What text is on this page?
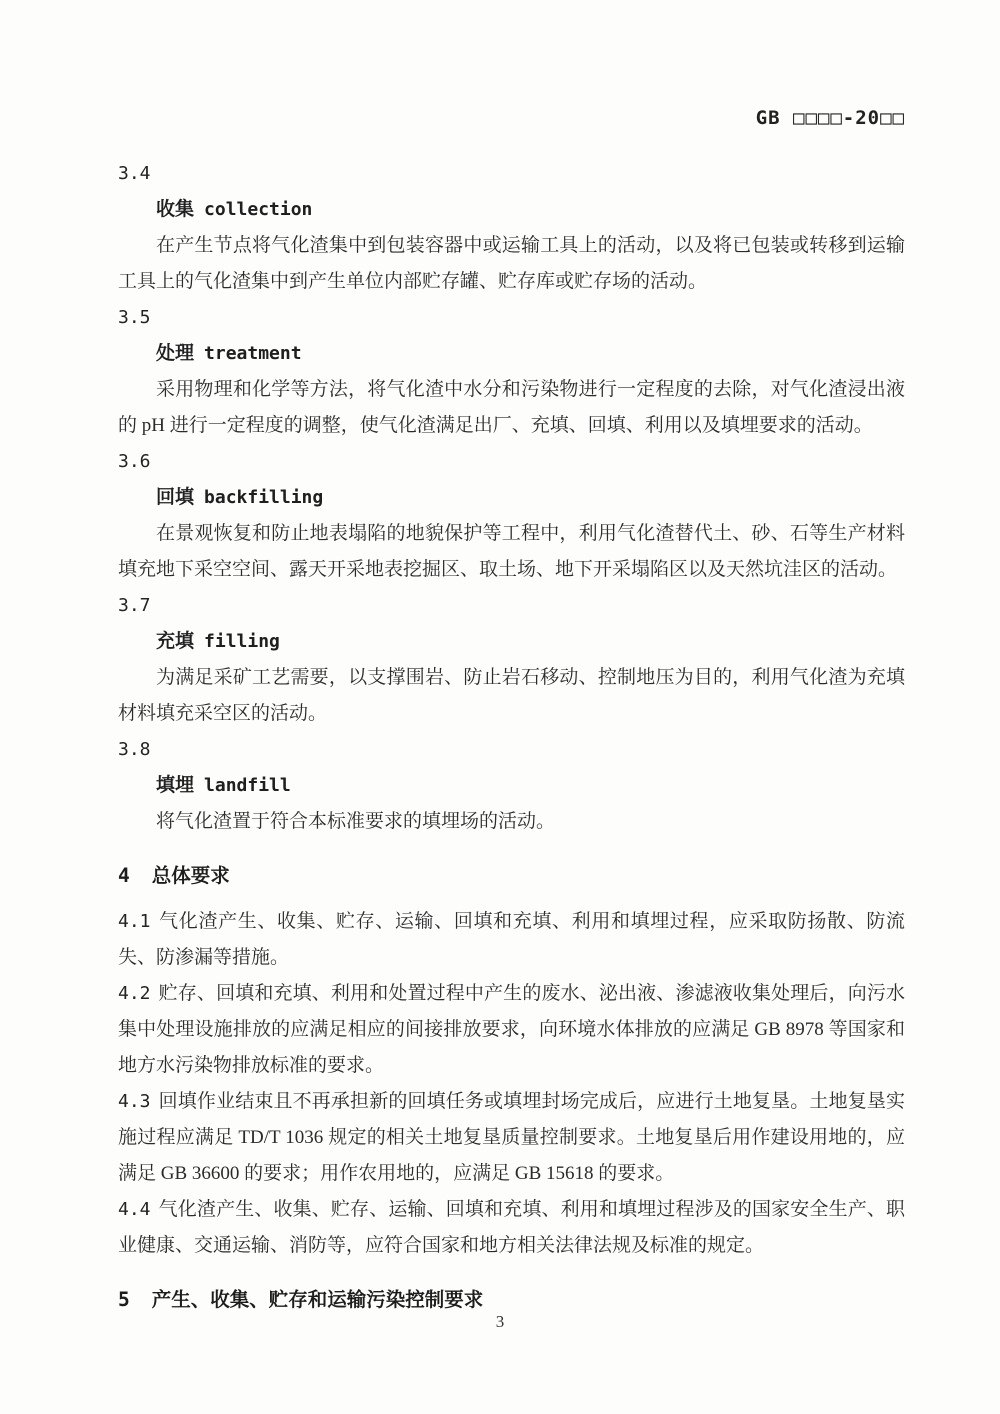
GB □□□□-20□□
3.4
收集 collection

在产生节点将气化渣集中到包装容器中或运输工具上的活动，以及将已包装或转移到运输工具上的气化渣集中到产生单位内部贮存罐、贮存库或贮存场的活动。

3.5
处理 treatment

采用物理和化学等方法，将气化渣中水分和污染物进行一定程度的去除，对气化渣浸出液的 pH 进行一定程度的调整，使气化渣满足出厂、充填、回填、利用以及填埋要求的活动。

3.6
回填 backfilling

在景观恢复和防止地表塌陷的地貌保护等工程中，利用气化渣替代土、砂、石等生产材料填充地下采空空间、露天开采地表挖掘区、取土场、地下开采塌陷区以及天然坑洼区的活动。

3.7
充填 filling

为满足采矿工艺需要，以支撑围岩、防止岩石移动、控制地压为目的，利用气化渣为充填材料填充采空区的活动。

3.8
填埋 landfill

将气化渣置于符合本标准要求的填埋场的活动。

4 总体要求

4.1 气化渣产生、收集、贮存、运输、回填和充填、利用和填埋过程，应采取防扬散、防流失、防渗漏等措施。

4.2 贮存、回填和充填、利用和处置过程中产生的废水、泌出液、渗滤液收集处理后，向污水集中处理设施排放的应满足相应的间接排放要求，向环境水体排放的应满足 GB 8978 等国家和地方水污染物排放标准的要求。

4.3 回填作业结束且不再承担新的回填任务或填埋封场完成后，应进行土地复垦。土地复垦实施过程应满足 TD/T 1036 规定的相关土地复垦质量控制要求。土地复垦后用作建设用地的，应满足 GB 36600 的要求；用作农用地的，应满足 GB 15618 的要求。

4.4 气化渣产生、收集、贮存、运输、回填和充填、利用和填埋过程涉及的国家安全生产、职业健康、交通运输、消防等，应符合国家和地方相关法律法规及标准的规定。

5 产生、收集、贮存和运输污染控制要求
3
